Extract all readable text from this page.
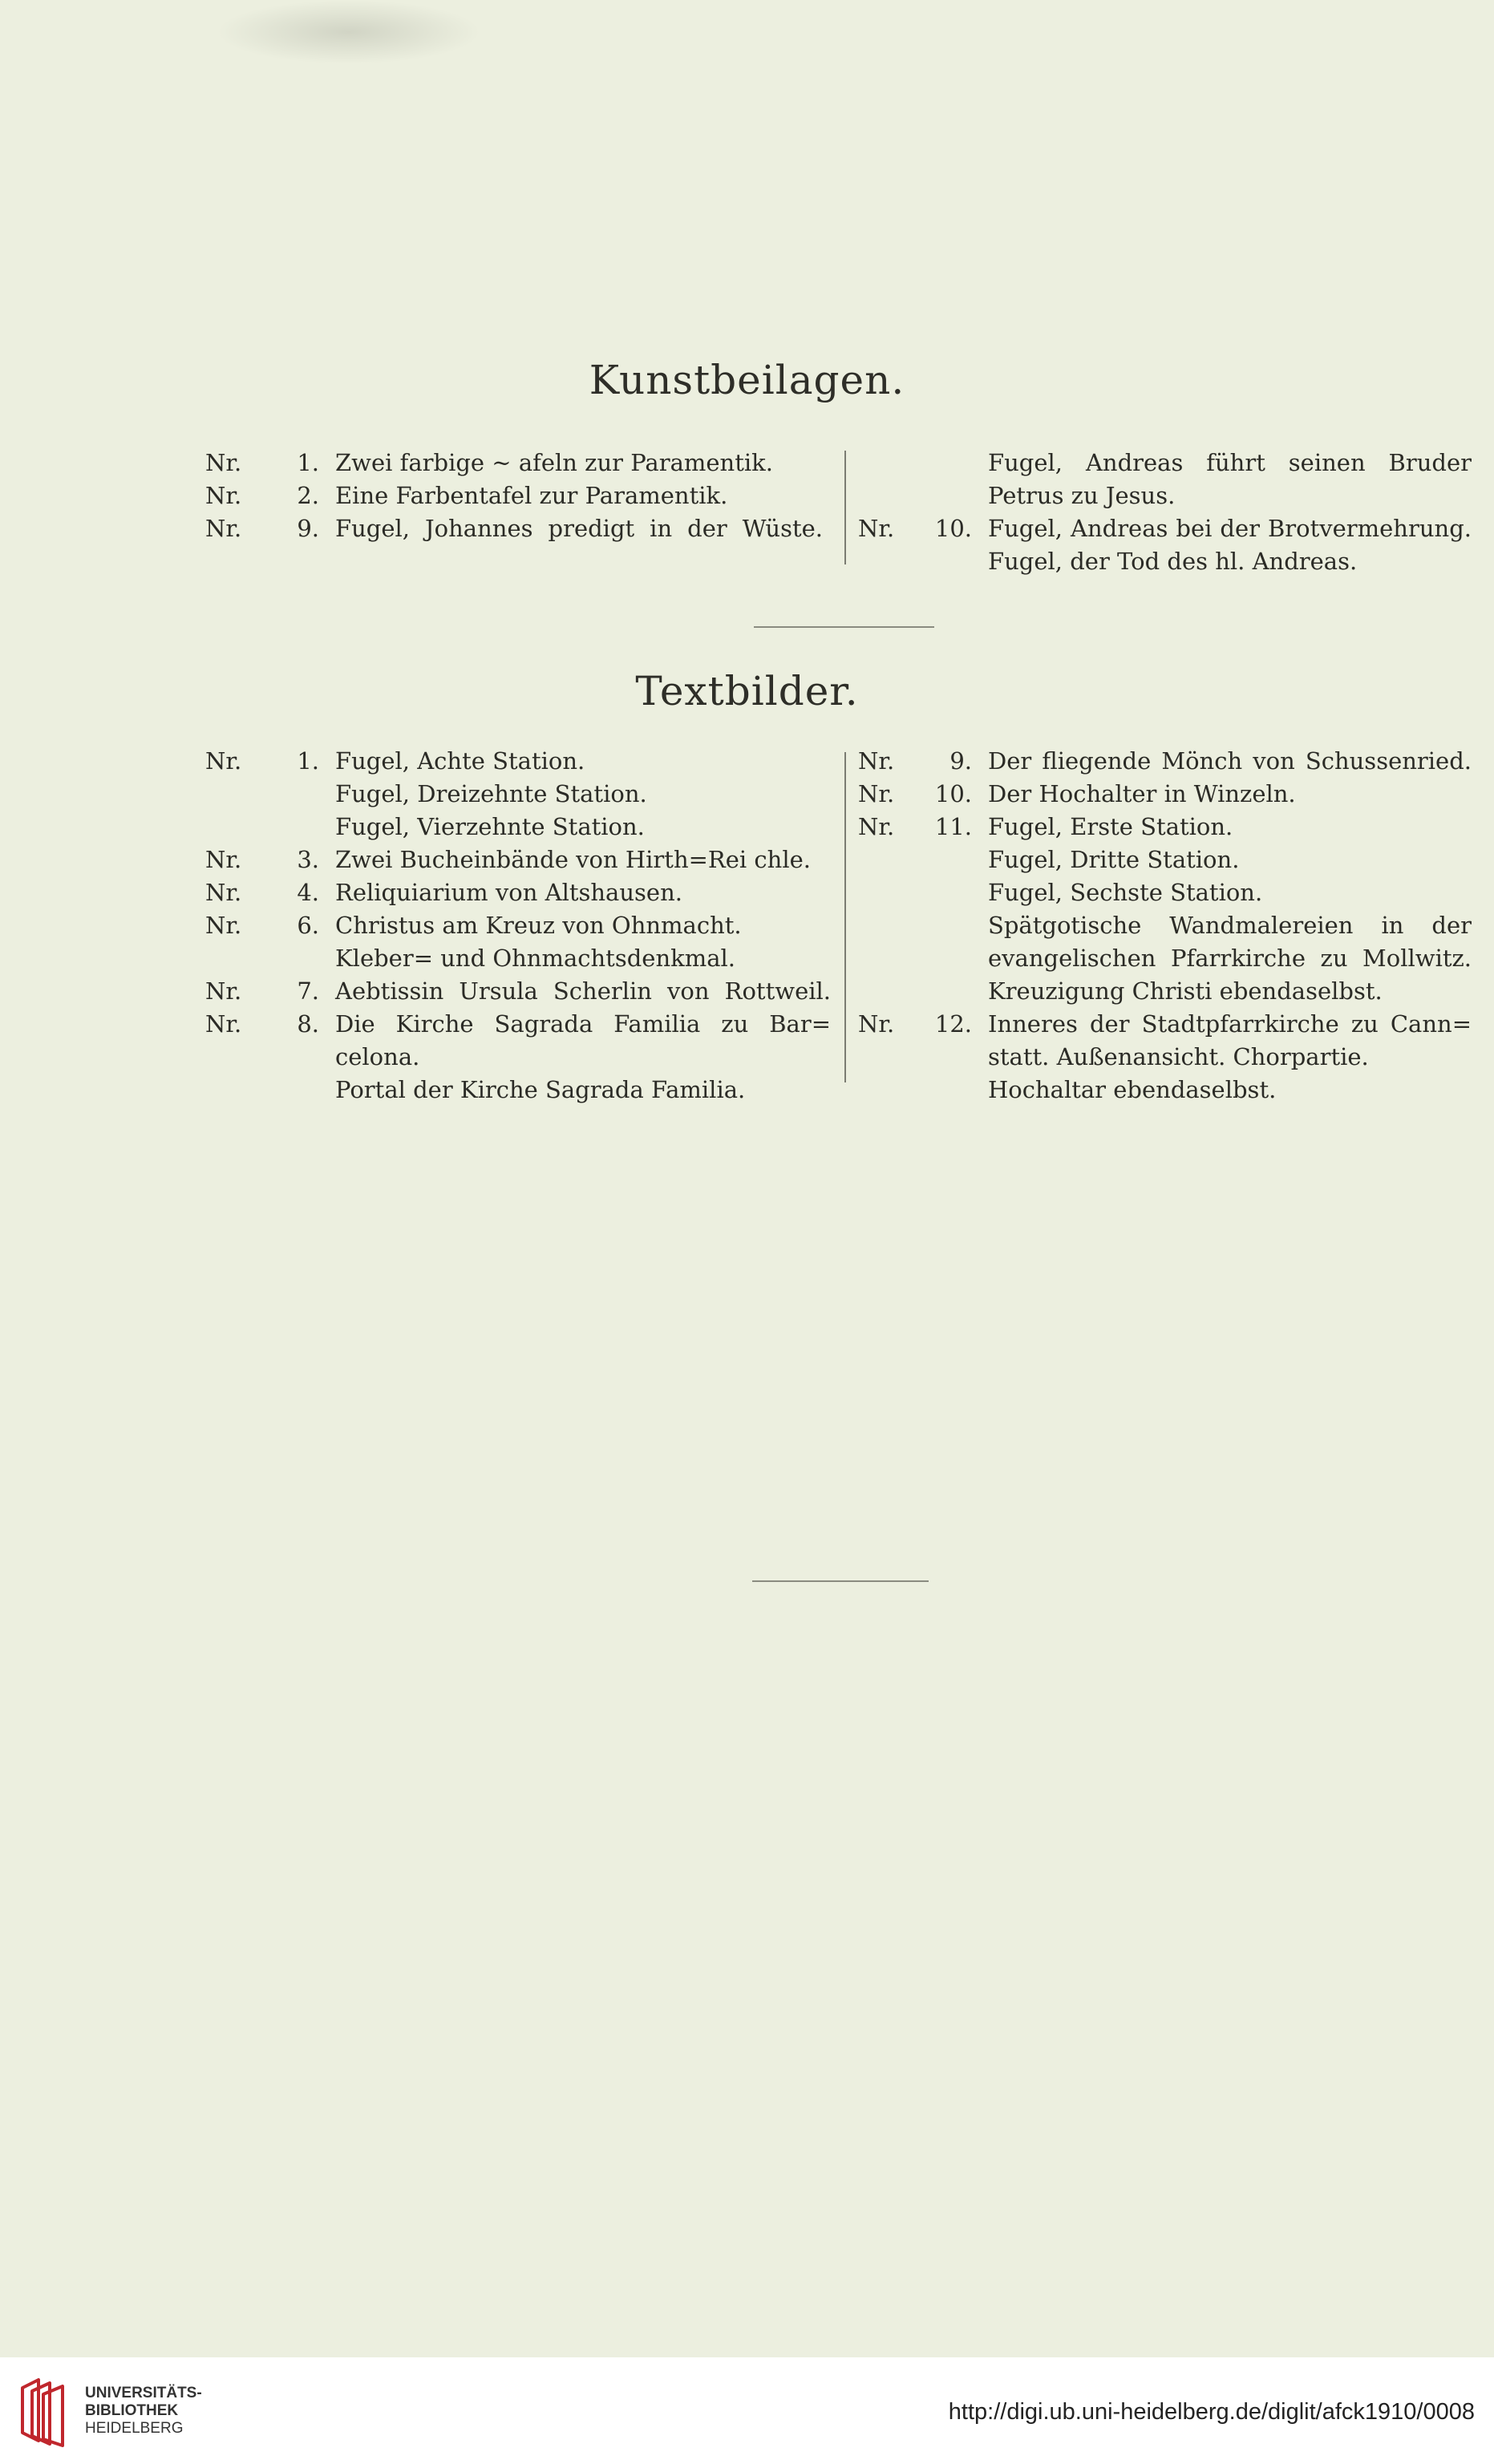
Kunstbeilagen.
Nr.	1. Zwei farbige ~ afeln zur Paramentik.
Nr.	2. Eine Farbentafel zur Paramentik.
Nr.	9. Fugel, Johannes predigt in der Wüste.
Fugel, Andreas führt seinen Bruder
Petrus zu Jesus.
Nr.	10. Fugel, Andreas bei der Brotvermehrung.
Fugel, der Tod des hl. Andreas.
Textbilder.
Nr.	1. Fugel, Achte Station.
Fugel, Dreizehnte Station.
Fugel, Vierzehnte Station.
Nr.	3. Zwei Bucheinbände von Hirth=Rei chle.
Nr.	4. Reliquiarium von Altshausen.
Nr.	6. Christus am Kreuz von Ohnmacht.
Kleber= und Ohnmachtsdenkmal.
Nr.	7. Aebtissin Ursula Scherlin von Rottweil.
Nr.	8. Die Kirche Sagrada Familia zu Bar=
celona.
Portal der Kirche Sagrada Familia.
Nr.	9. Der fliegende Mönch von Schussenried.
Nr.	10. Der Hochalter in Winzeln.
Nr.	11. Fugel, Erste Station.
Fugel, Dritte Station.
Fugel, Sechste Station.
Spätgotische Wandmalereien in der
evangelischen Pfarrkirche zu Mollwitz.
Kreuzigung Christi ebendaselbst.
Nr.	12. Inneres der Stadtpfarrkirche zu Cann=
statt. Außenansicht. Chorpartie.
Hochaltar ebendaselbst.
UNIVERSITÄTS-
BIBLIOTHEK
HEIDELBERG
http://digi.ub.uni-heidelberg.de/diglit/afck1910/0008
